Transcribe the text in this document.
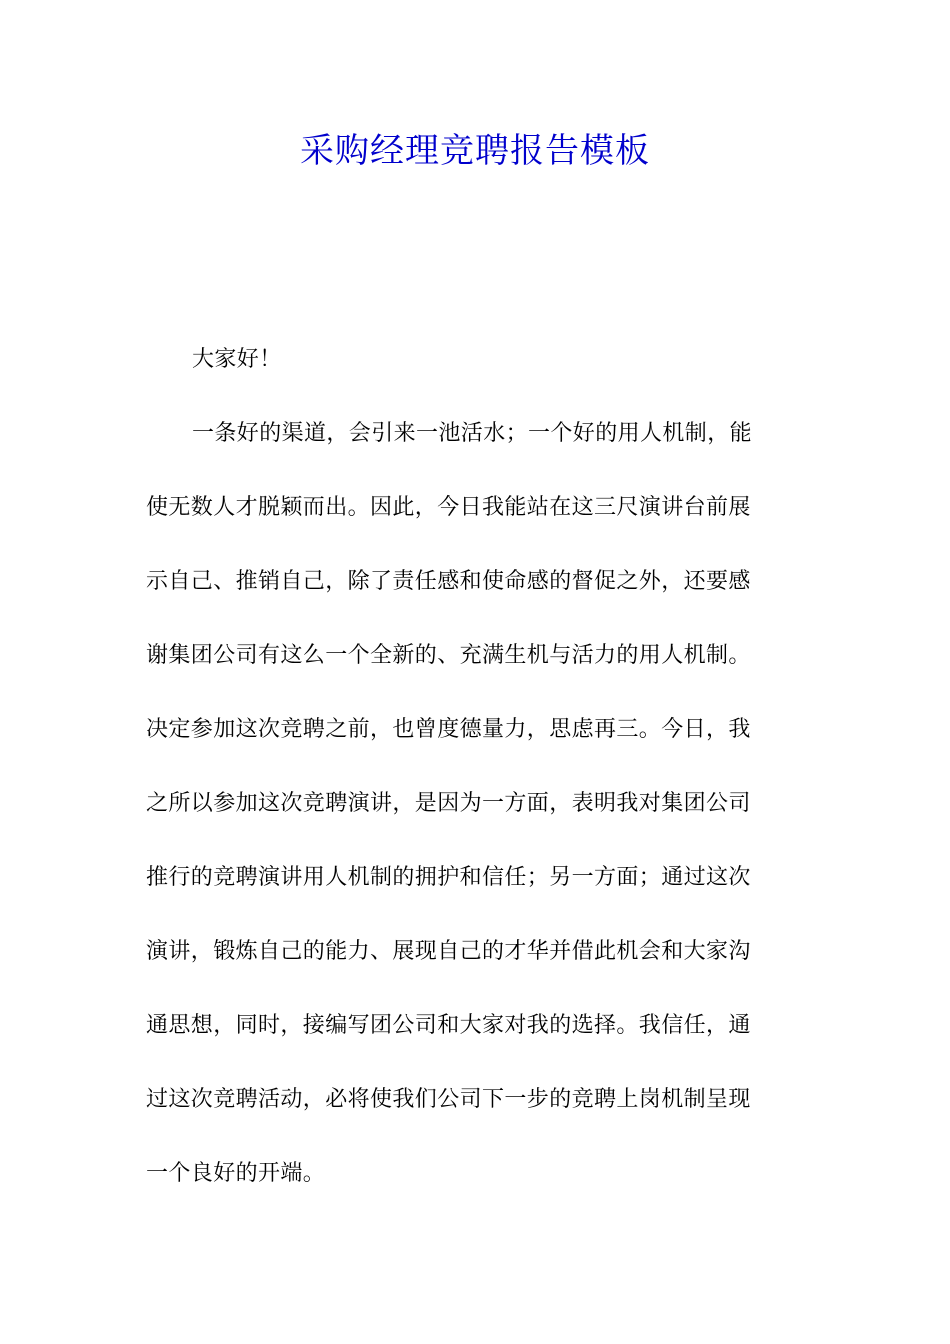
采购经理竞聘报告模板
大家好！
一条好的渠道，会引来一池活水；一个好的用人机制，能
使无数人才脱颖而出。因此，今日我能站在这三尺演讲台前展
示自己、推销自己，除了责任感和使命感的督促之外，还要感
谢集团公司有这么一个全新的、充满生机与活力的用人机制。
决定参加这次竞聘之前，也曾度德量力，思虑再三。今日，我
之所以参加这次竞聘演讲，是因为一方面，表明我对集团公司
推行的竞聘演讲用人机制的拥护和信任；另一方面；通过这次
演讲，锻炼自己的能力、展现自己的才华并借此机会和大家沟
通思想，同时，接编写团公司和大家对我的选择。我信任，通
过这次竞聘活动，必将使我们公司下一步的竞聘上岗机制呈现
一个良好的开端。
